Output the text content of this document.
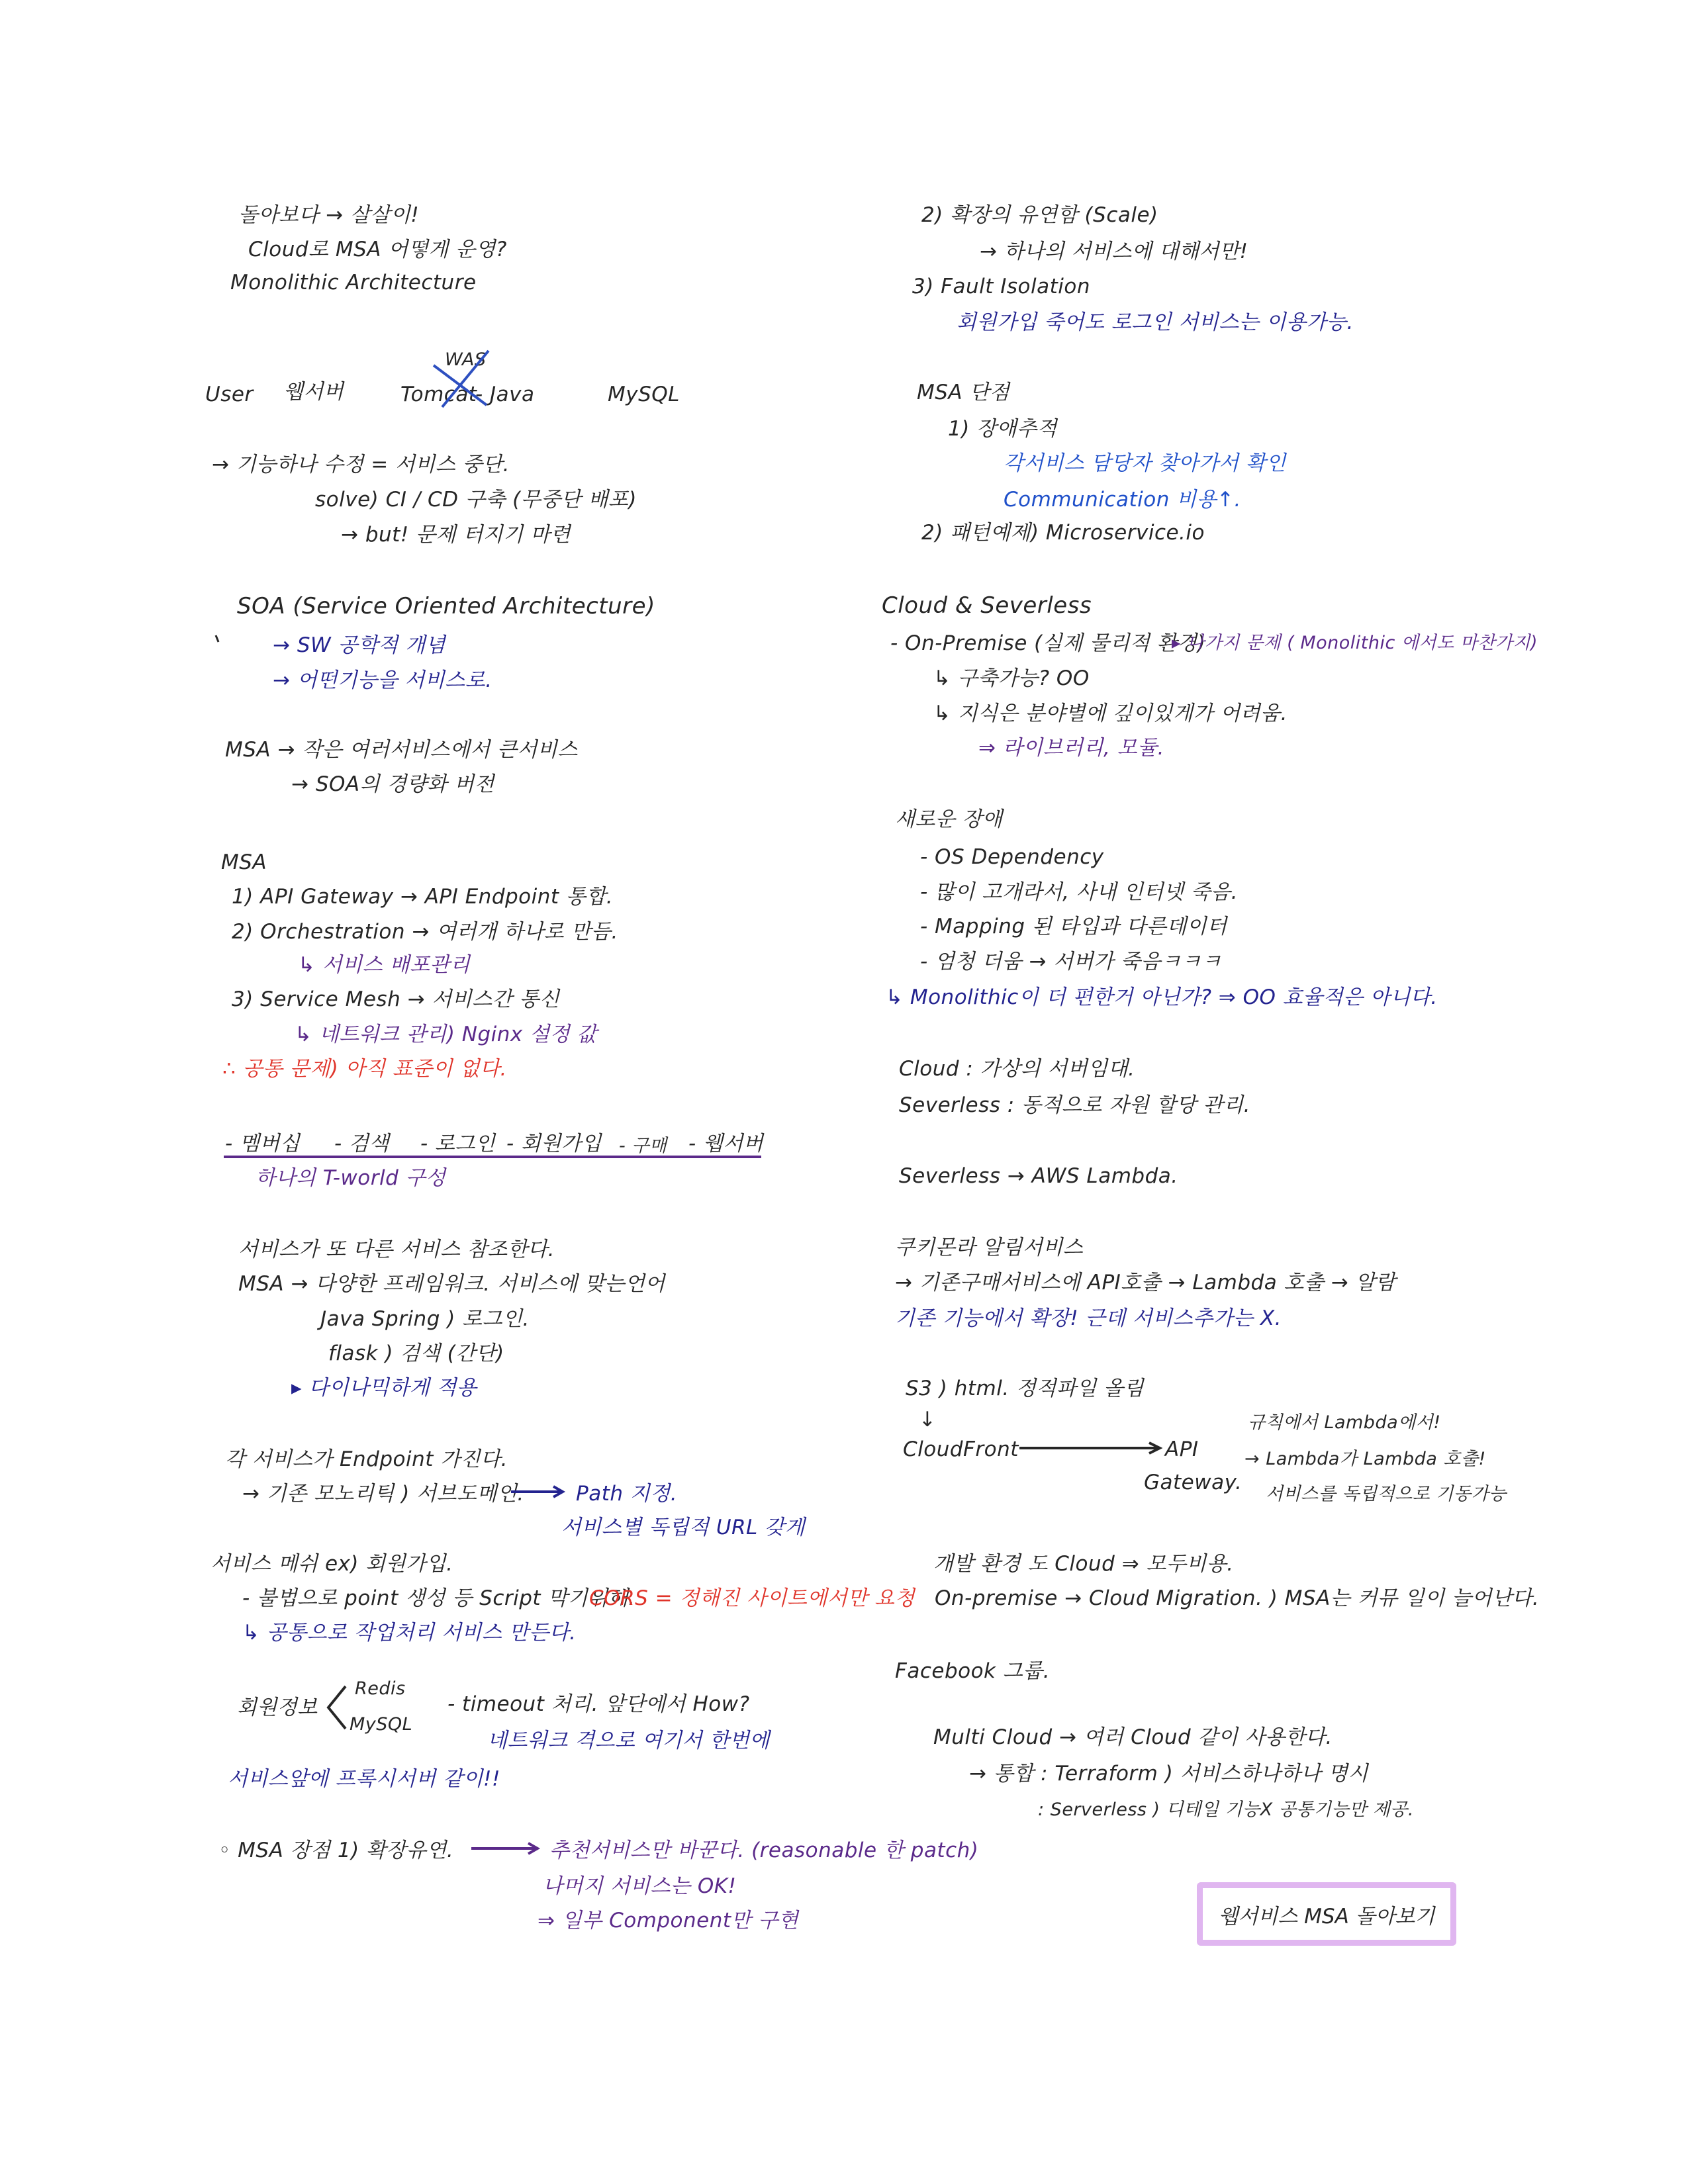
돌아보다 → 살살이!
Cloud로 MSA 어떻게 운영?
Monolithic Architecture
User 웹서버
WAS
Tomcat
- Java	MySQL
→ 기능하나 수정 = 서비스 중단.
solve) CI / CD 구축 (무중단 배포)
→ but! 문제 터지기 마련
SOA (Service Oriented Architecture)
→ SW 공학적 개념
→ 어떤기능을 서비스로.
MSA → 작은 여러서비스에서 큰서비스
→ SOA의 경량화 버전
MSA
1) API Gateway → API Endpoint 통합.
2) Orchestration → 여러개 하나로 만듬.
↳ 서비스 배포관리
3) Service Mesh → 서비스간 통신
↳ 네트워크 관리) Nginx 설정 값
∴ 공통 문제) 아직 표준이 없다.
- 멤버십 - 검색 - 로그인 - 회원가입 - 구매 - 웹서버
하나의 T-world 구성
서비스가 또 다른 서비스 참조한다.
MSA → 다양한 프레임워크. 서비스에 맞는언어
Java Spring ) 로그인.
flask ) 검색 (간단)
▸ 다이나믹하게 적용
각 서비스가 Endpoint 가진다.
→ 기존 모노리틱 ) 서브도메인.	Path 지정.
서비스별 독립적 URL 갖게
서비스 메쉬 ex) 회원가입.
- 불법으로 point 생성 등 Script 막기위해.
CORS = 정해진 사이트에서만 요청
↳ 공통으로 작업처리 서비스 만든다.
회원정보
Redis
MySQL
- timeout 처리. 앞단에서 How?
네트워크 격으로 여기서 한번에
서비스앞에 프록시서버 같이!!
◦ MSA 장점 1) 확장유연.	추천서비스만 바꾼다. (reasonable 한 patch)
나머지 서비스는 OK!
⇒ 일부 Component만 구현
2) 확장의 유연함 (Scale)
→ 하나의 서비스에 대해서만!
3) Fault Isolation
회원가입 죽어도 로그인 서비스는 이용가능.
MSA 단점
1) 장애추적
각서비스 담당자 찾아가서 확인
Communication 비용↑.
2) 패턴예제) Microservice.io
Cloud & Severless
- On-Premise (실제 물리적 환경)
▸ 나가지 문제 ( Monolithic 에서도 마찬가지)
↳ 구축가능? OO
↳ 지식은 분야별에 깊이있게가 어려움.
⇒ 라이브러리, 모듈.
새로운 장애
- OS Dependency
- 많이 고개라서, 사내 인터넷 죽음.
- Mapping 된 타입과 다른데이터
- 엄청 더움 → 서버가 죽음ㅋㅋㅋ
↳ Monolithic이 더 편한거 아닌가? ⇒ OO 효율적은 아니다.
Cloud : 가상의 서버임대.
Severless : 동적으로 자원 할당 관리.
Severless → AWS Lambda.
쿠키몬라 알림서비스
→ 기존구매서비스에 API호출 → Lambda 호출 → 알람
기존 기능에서 확장! 근데 서비스추가는 X.
S3 ) html. 정적파일 올림
↓
CloudFront	API
Gateway.
규칙에서 Lambda에서!
→ Lambda가 Lambda 호출!
서비스를 독립적으로 기동가능
개발 환경 도 Cloud ⇒ 모두비용.
On-premise → Cloud Migration. ) MSA는 커뮤 일이 늘어난다.
Facebook 그룹.
Multi Cloud → 여러 Cloud 같이 사용한다.
→ 통합 : Terraform ) 서비스하나하나 명시
: Serverless ) 디테일 기능X 공통기능만 제공.
웹서비스 MSA 돌아보기
